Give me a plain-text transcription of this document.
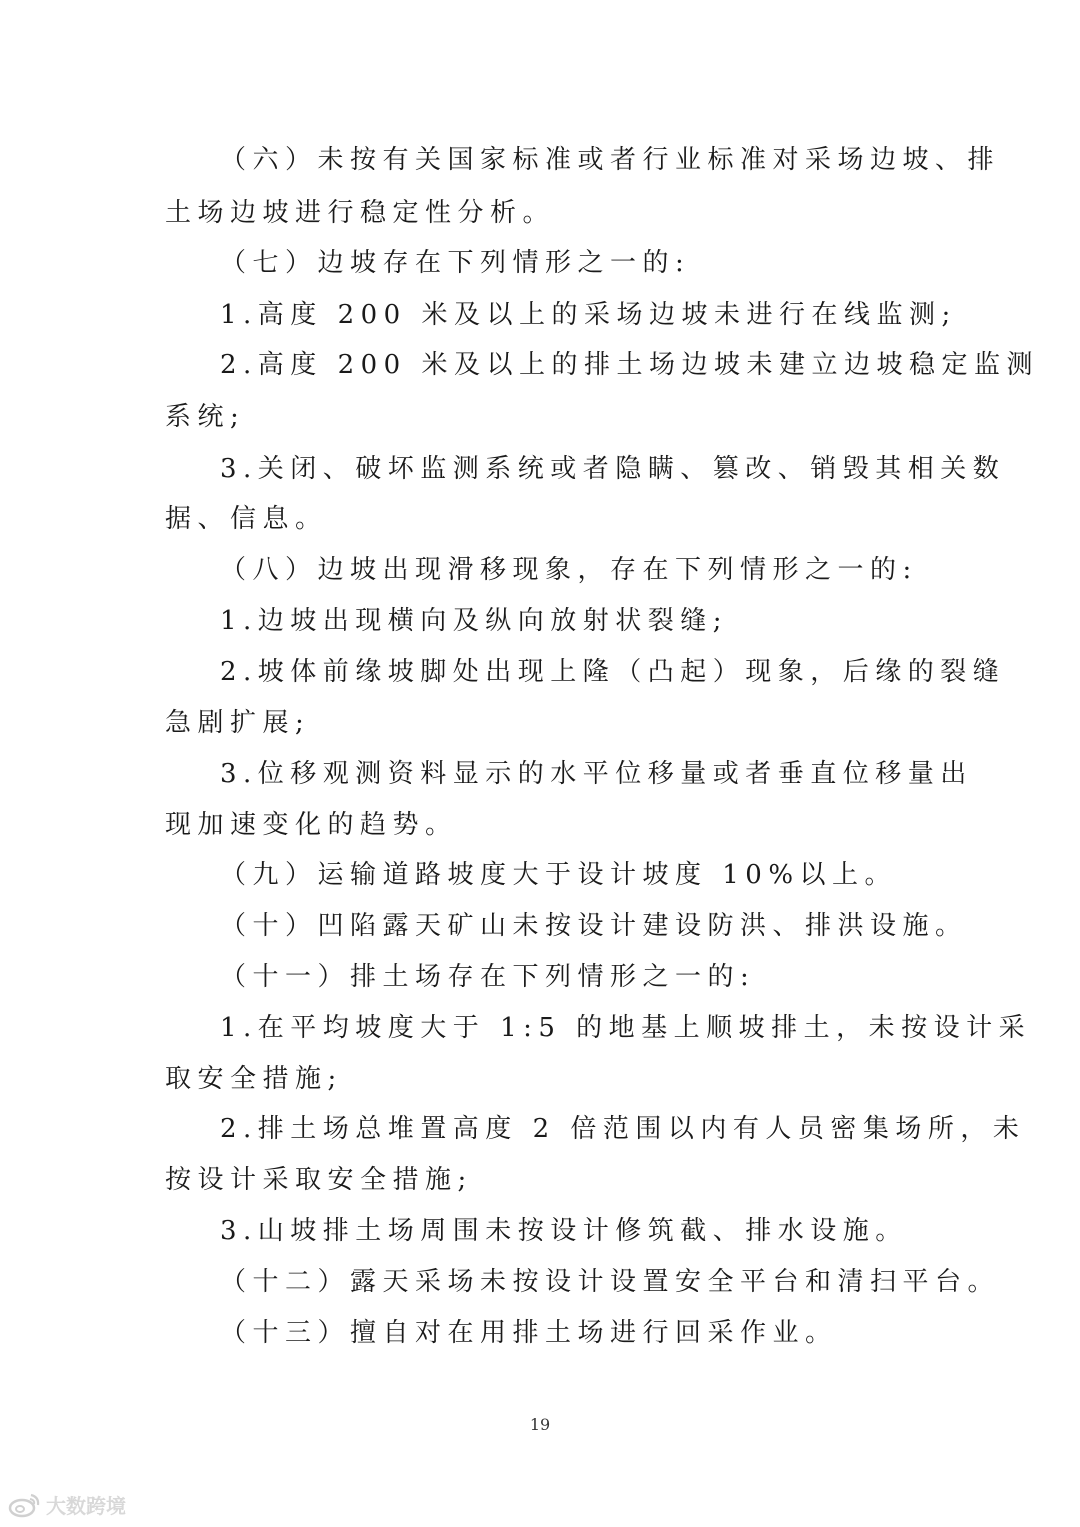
（六）未按有关国家标准或者行业标准对采场边坡、排
土场边坡进行稳定性分析。
（七）边坡存在下列情形之一的:
1.高度 200 米及以上的采场边坡未进行在线监测;
2.高度 200 米及以上的排土场边坡未建立边坡稳定监测
系统;
3.关闭、破坏监测系统或者隐瞒、篡改、销毁其相关数
据、信息。
（八）边坡出现滑移现象，存在下列情形之一的:
1.边坡出现横向及纵向放射状裂缝;
2.坡体前缘坡脚处出现上隆（凸起）现象，后缘的裂缝
急剧扩展;
3.位移观测资料显示的水平位移量或者垂直位移量出
现加速变化的趋势。
（九）运输道路坡度大于设计坡度 10%以上。
（十）凹陷露天矿山未按设计建设防洪、排洪设施。
（十一）排土场存在下列情形之一的:
1.在平均坡度大于 1:5 的地基上顺坡排土，未按设计采
取安全措施;
2.排土场总堆置高度 2 倍范围以内有人员密集场所，未
按设计采取安全措施;
3.山坡排土场周围未按设计修筑截、排水设施。
（十二）露天采场未按设计设置安全平台和清扫平台。
（十三）擅自对在用排土场进行回采作业。
19
大数跨境
